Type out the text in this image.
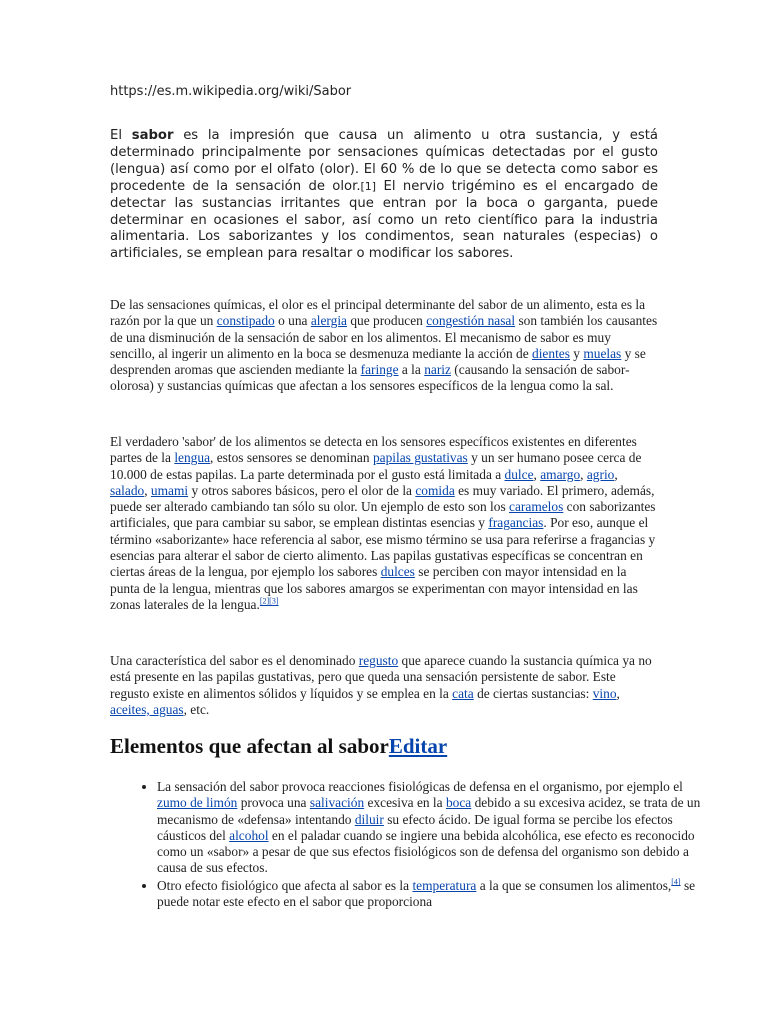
https://es.m.wikipedia.org/wiki/Sabor

El sabor es la impresión que causa un alimento u otra sustancia, y está determinado principalmente por sensaciones químicas detectadas por el gusto (lengua) así como por el olfato (olor). El 60 % de lo que se detecta como sabor es procedente de la sensación de olor.[1] El nervio trigémino es el encargado de detectar las sustancias irritantes que entran por la boca o garganta, puede determinar en ocasiones el sabor, así como un reto científico para la industria alimentaria. Los saborizantes y los condimentos, sean naturales (especias) o artificiales, se emplean para resaltar o modificar los sabores.

De las sensaciones químicas, el olor es el principal determinante del sabor de un alimento, esta es la razón por la que un constipado o una alergia que producen congestión nasal son también los causantes de una disminución de la sensación de sabor en los alimentos. El mecanismo de sabor es muy sencillo, al ingerir un alimento en la boca se desmenuza mediante la acción de dientes y muelas y se desprenden aromas que ascienden mediante la faringe a la nariz (causando la sensación de sabor-olorosa) y sustancias químicas que afectan a los sensores específicos de la lengua como la sal.

El verdadero 'sabor' de los alimentos se detecta en los sensores específicos existentes en diferentes partes de la lengua, estos sensores se denominan papilas gustativas y un ser humano posee cerca de 10.000 de estas papilas. La parte determinada por el gusto está limitada a dulce, amargo, agrio, salado, umami y otros sabores básicos, pero el olor de la comida es muy variado. El primero, además, puede ser alterado cambiando tan sólo su olor. Un ejemplo de esto son los caramelos con saborizantes artificiales, que para cambiar su sabor, se emplean distintas esencias y fragancias. Por eso, aunque el término «saborizante» hace referencia al sabor, ese mismo término se usa para referirse a fragancias y esencias para alterar el sabor de cierto alimento. Las papilas gustativas específicas se concentran en ciertas áreas de la lengua, por ejemplo los sabores dulces se perciben con mayor intensidad en la punta de la lengua, mientras que los sabores amargos se experimentan con mayor intensidad en las zonas laterales de la lengua.[2][3]

Una característica del sabor es el denominado regusto que aparece cuando la sustancia química ya no está presente en las papilas gustativas, pero que queda una sensación persistente de sabor. Este regusto existe en alimentos sólidos y líquidos y se emplea en la cata de ciertas sustancias: vino, aceites, aguas, etc.

Elementos que afectan al saborEditar
• La sensación del sabor provoca reacciones fisiológicas de defensa en el organismo, por ejemplo el zumo de limón provoca una salivación excesiva en la boca debido a su excesiva acidez, se trata de un mecanismo de «defensa» intentando diluir su efecto ácido. De igual forma se percibe los efectos cáusticos del alcohol en el paladar cuando se ingiere una bebida alcohólica, ese efecto es reconocido como un «sabor» a pesar de que sus efectos fisiológicos son de defensa del organismo son debido a causa de sus efectos.
• Otro efecto fisiológico que afecta al sabor es la temperatura a la que se consumen los alimentos,[4] se puede notar este efecto en el sabor que proporciona
